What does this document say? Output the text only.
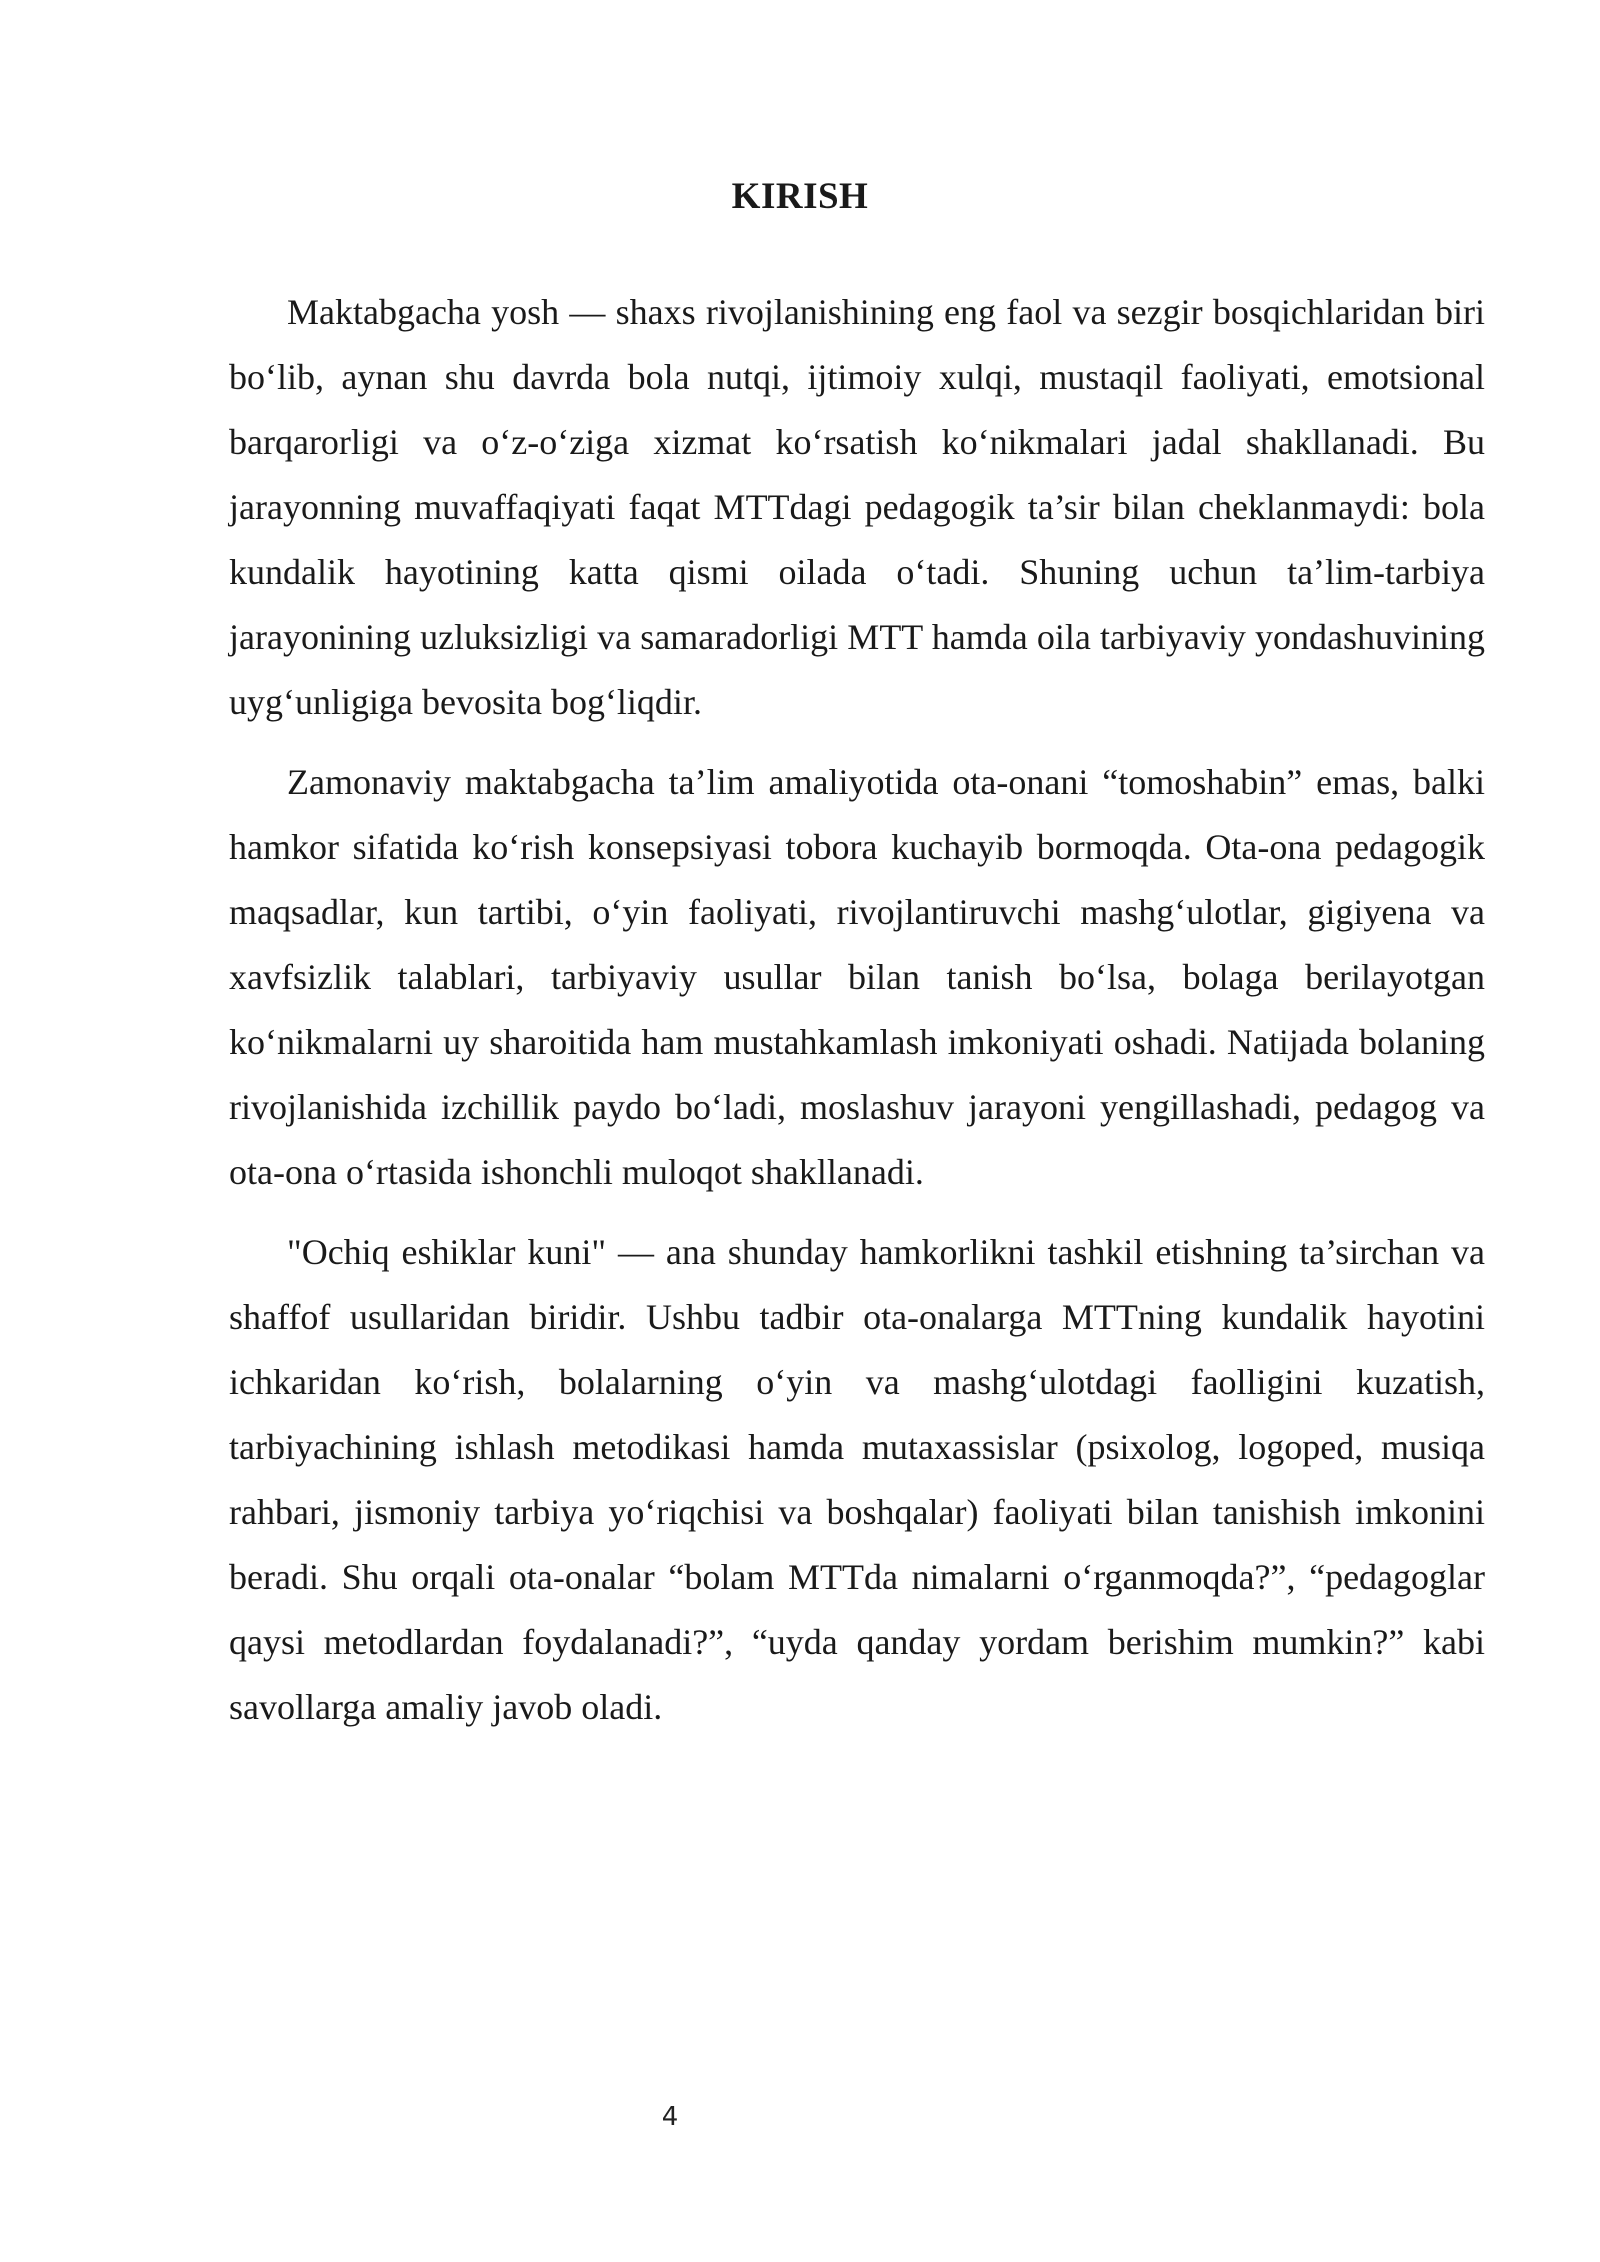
KIRISH

Maktabgacha yosh — shaxs rivojlanishining eng faol va sezgir bosqichlaridan biri bo‘lib, aynan shu davrda bola nutqi, ijtimoiy xulqi, mustaqil faoliyati, emotsional barqarorligi va o‘z-o‘ziga xizmat ko‘rsatish ko‘nikmalari jadal shakllanadi. Bu jarayonning muvaffaqiyati faqat MTTdagi pedagogik ta’sir bilan cheklanmaydi: bola kundalik hayotining katta qismi oilada o‘tadi. Shuning uchun ta’lim-tarbiya jarayonining uzluksizligi va samaradorligi MTT hamda oila tarbiyaviy yondashuvining uyg‘unligiga bevosita bog‘liqdir.

Zamonaviy maktabgacha ta’lim amaliyotida ota-onani “tomoshabin” emas, balki hamkor sifatida ko‘rish konsepsiyasi tobora kuchayib bormoqda. Ota-ona pedagogik maqsadlar, kun tartibi, o‘yin faoliyati, rivojlantiruvchi mashg‘ulotlar, gigiyena va xavfsizlik talablari, tarbiyaviy usullar bilan tanish bo‘lsa, bolaga berilayotgan ko‘nikmalarni uy sharoitida ham mustahkamlash imkoniyati oshadi. Natijada bolaning rivojlanishida izchillik paydo bo‘ladi, moslashuv jarayoni yengillashadi, pedagog va ota-ona o‘rtasida ishonchli muloqot shakllanadi.

"Ochiq eshiklar kuni" — ana shunday hamkorlikni tashkil etishning ta’sirchan va shaffof usullaridan biridir. Ushbu tadbir ota-onalarga MTTning kundalik hayotini ichkaridan ko‘rish, bolalarning o‘yin va mashg‘ulotdagi faolligini kuzatish, tarbiyachining ishlash metodikasi hamda mutaxassislar (psixolog, logoped, musiqa rahbari, jismoniy tarbiya yo‘riqchisi va boshqalar) faoliyati bilan tanishish imkonini beradi. Shu orqali ota-onalar “bolam MTTda nimalarni o‘rganmoqda?”, “pedagoglar qaysi metodlardan foydalanadi?”, “uyda qanday yordam berishim mumkin?” kabi savollarga amaliy javob oladi.

4
